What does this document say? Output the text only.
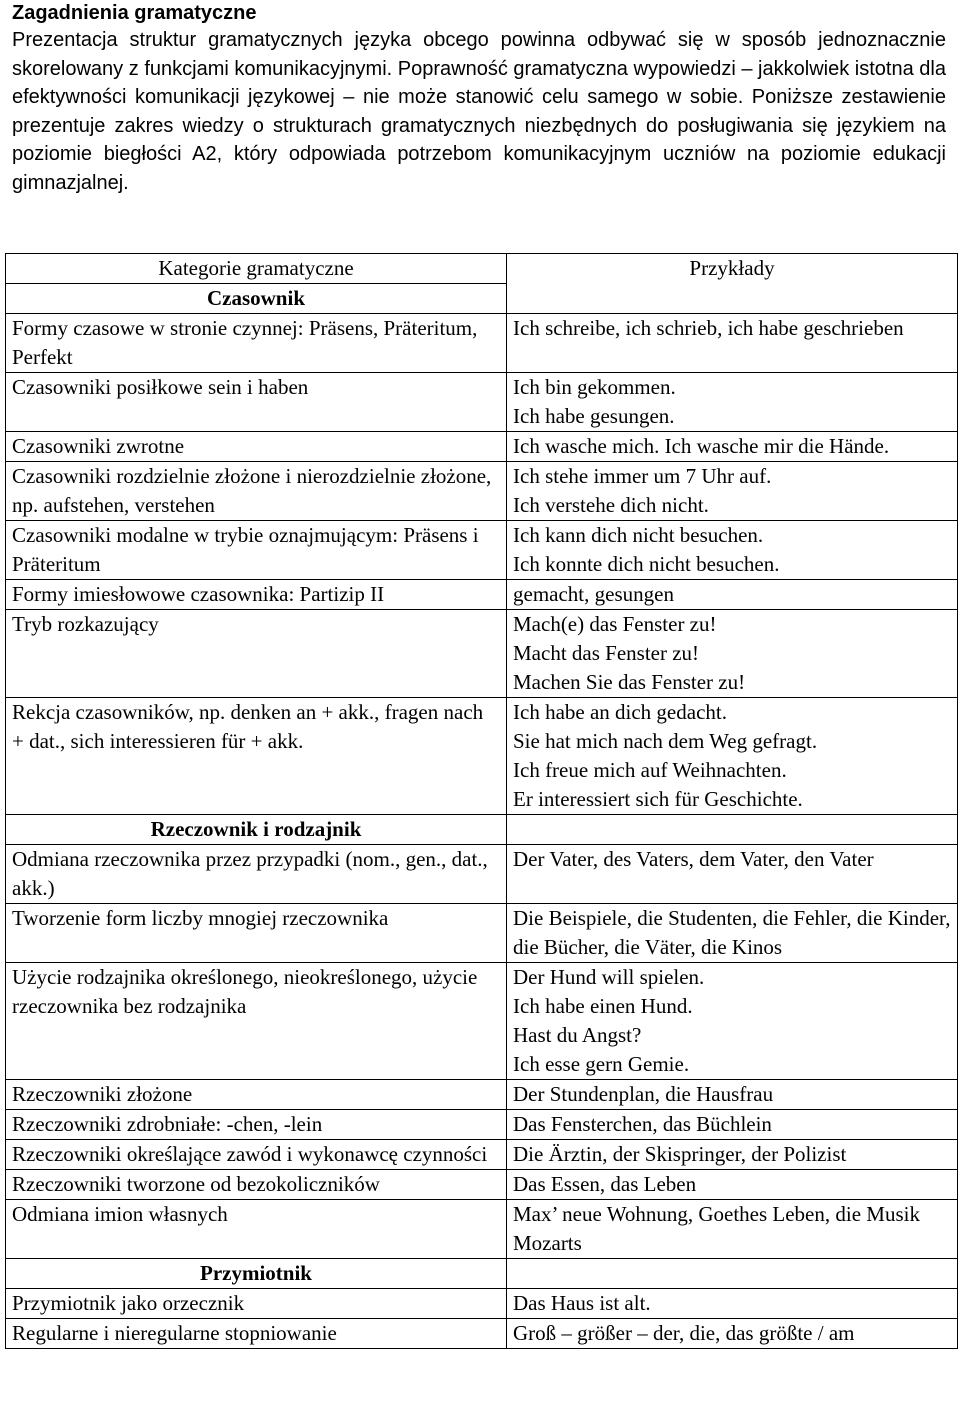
Zagadnienia gramatyczne

Prezentacja struktur gramatycznych języka obcego powinna odbywać się w sposób jednoznacznie skorelowany z funkcjami komunikacyjnymi. Poprawność gramatyczna wypowiedzi – jakkolwiek istotna dla efektywności komunikacji językowej – nie może stanowić celu samego w sobie. Poniższe zestawienie prezentuje zakres wiedzy o strukturach gramatycznych niezbędnych do posługiwania się językiem na poziomie biegłości A2, który odpowiada potrzebom komunikacyjnym uczniów na poziomie edukacji gimnazjalnej.

Kategorie gramatyczne	Przykłady
Czasownik	
Formy czasowe w stronie czynnej: Präsens, Präteritum, Perfekt	Ich schreibe, ich schrieb, ich habe geschrieben
Czasowniki posiłkowe sein i haben	Ich bin gekommen.
Ich habe gesungen.

Czasowniki zwrotne	Ich wasche mich. Ich wasche mir die Hände.
Czasowniki rozdzielnie złożone i nierozdzielnie złożone, np. aufstehen, verstehen	Ich stehe immer um 7 Uhr auf.
Ich verstehe dich nicht.

Czasowniki modalne w trybie oznajmującym: Präsens i Präteritum	Ich kann dich nicht besuchen.
Ich konnte dich nicht besuchen.

Formy imiesłowowe czasownika: Partizip II	gemacht, gesungen
Tryb rozkazujący	Mach(e) das Fenster zu!
Macht das Fenster zu!
Machen Sie das Fenster zu!

Rekcja czasowników, np. denken an + akk., fragen nach + dat., sich interessieren für + akk.	Ich habe an dich gedacht.
Sie hat mich nach dem Weg gefragt.
Ich freue mich auf Weihnachten.
Er interessiert sich für Geschichte.

Rzeczownik i rodzajnik	
Odmiana rzeczownika przez przypadki (nom., gen., dat., akk.)	Der Vater, des Vaters, dem Vater, den Vater
Tworzenie form liczby mnogiej rzeczownika	Die Beispiele, die Studenten, die Fehler, die Kinder, die Bücher, die Väter, die Kinos
Użycie rodzajnika określonego, nieokreślonego, użycie rzeczownika bez rodzajnika	Der Hund will spielen.
Ich habe einen Hund.
Hast du Angst?
Ich esse gern Gemie.

Rzeczowniki złożone	Der Stundenplan, die Hausfrau
Rzeczowniki zdrobniałe: -chen, -lein	Das Fensterchen, das Büchlein
Rzeczowniki określające zawód i wykonawcę czynności	Die Ärztin, der Skispringer, der Polizist
Rzeczowniki tworzone od bezokoliczników	Das Essen, das Leben
Odmiana imion własnych	Max’ neue Wohnung, Goethes Leben, die Musik Mozarts
Przymiotnik	
Przymiotnik jako orzecznik	Das Haus ist alt.
Regularne i nieregularne stopniowanie	Groß – größer – der, die, das größte / am
